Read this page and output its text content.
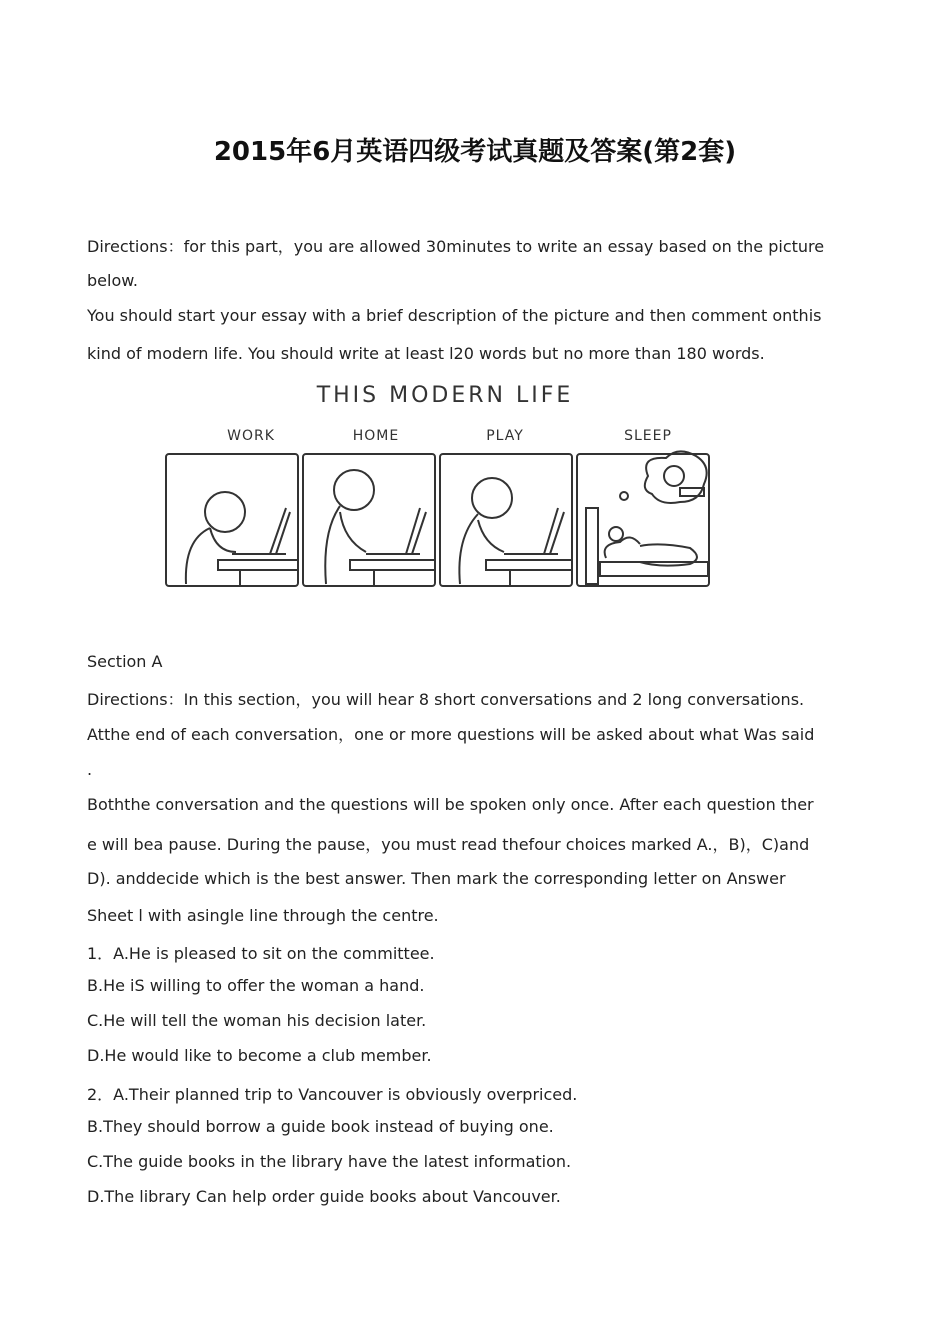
2015年6月英语四级考试真题及答案(第2套)

Directions：for this part，you are allowed 30minutes to write an essay based on the picture

below.

You should start your essay with a brief description of the picture and then comment onthis

kind of modern life. You should write at least l20 words but no more than 180 words.

THIS MODERN LIFE
WORK	HOME	PLAY	SLEEP

Section A

Directions：In this section，you will hear 8 short conversations and 2 long conversations.

Atthe end of each conversation，one or more questions will be asked about what Was said

.

Boththe conversation and the questions will be spoken only once. After each question ther

e will bea pause. During the pause，you must read thefour choices marked A.，B)，C)and

D). anddecide which is the best answer. Then mark the corresponding letter on Answer

Sheet l with asingle line through the centre.

1．A.He is pleased to sit on the committee.

B.He iS willing to offer the woman a hand.

C.He will tell the woman his decision later.

D.He would like to become a club member.

2．A.Their planned trip to Vancouver is obviously overpriced.

B.They should borrow a guide book instead of buying one.

C.The guide books in the library have the latest information.

D.The library Can help order guide books about Vancouver.
